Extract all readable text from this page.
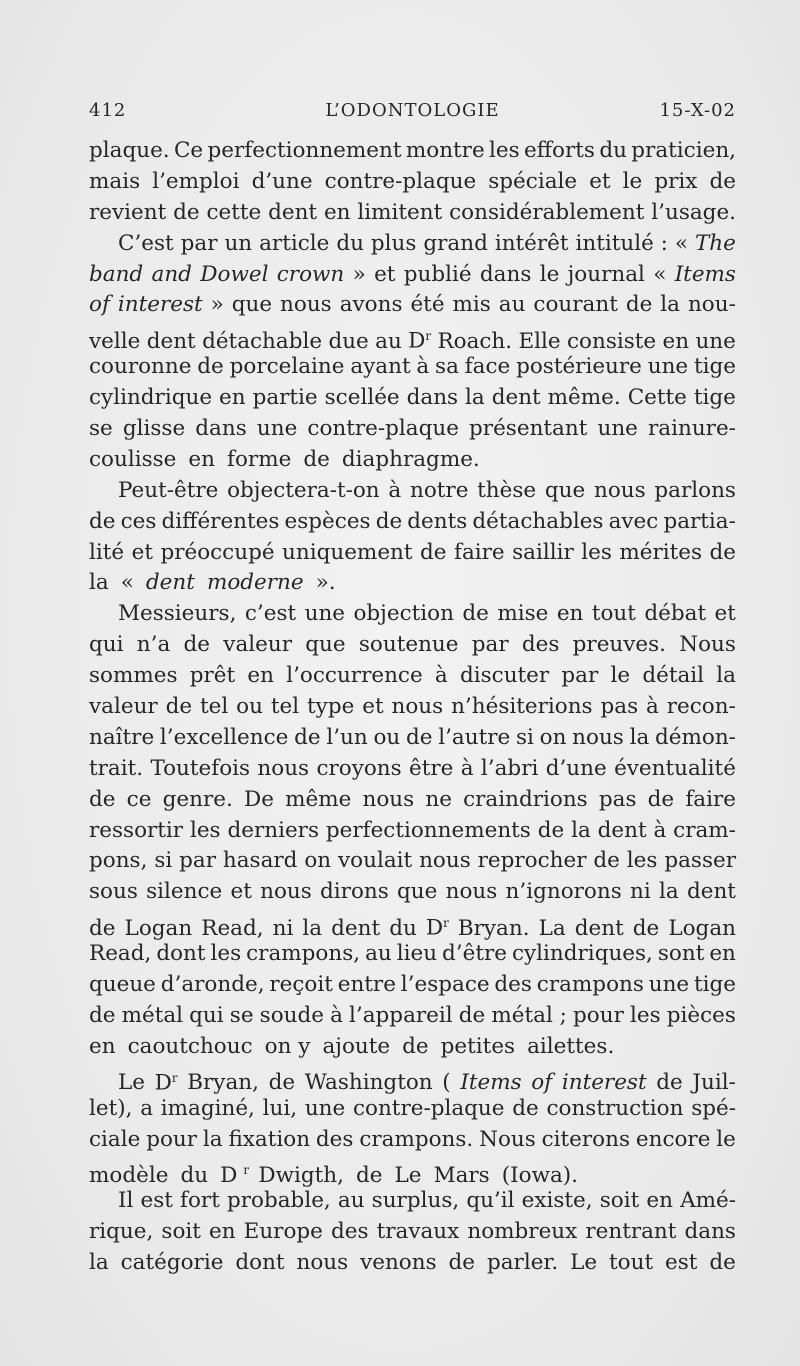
412	L’ODONTOLOGIE	15-X-02
plaque. Ce perfectionnement montre les efforts du praticien,
mais l’emploi d’une contre-plaque spéciale et le prix de
revient de cette dent en limitent considérablement l’usage.
C’est par un article du plus grand intérêt intitulé : « The
band and Dowel crown » et publié dans le journal « Items
of interest » que nous avons été mis au courant de la nou-
velle dent détachable due au $D^r$ Roach. Elle consiste en une
couronne de porcelaine ayant à sa face postérieure une tige
cylindrique en partie scellée dans la dent même. Cette tige
se glisse dans une contre-plaque présentant une rainure-
coulisse en forme de diaphragme.
Peut-être objectera-t-on à notre thèse que nous parlons
de ces différentes espèces de dents détachables avec partia-
lité et préoccupé uniquement de faire saillir les mérites de
la « dent moderne ».
Messieurs, c’est une objection de mise en tout débat et
qui n’a de valeur que soutenue par des preuves. Nous
sommes prêt en l’occurrence à discuter par le détail la
valeur de tel ou tel type et nous n’hésiterions pas à recon-
naître l’excellence de l’un ou de l’autre si on nous la démon-
trait. Toutefois nous croyons être à l’abri d’une éventualité
de ce genre. De même nous ne craindrions pas de faire
ressortir les derniers perfectionnements de la dent à cram-
pons, si par hasard on voulait nous reprocher de les passer
sous silence et nous dirons que nous n’ignorons ni la dent
de Logan Read, ni la dent du $D^r$ Bryan. La dent de Logan
Read, dont les crampons, au lieu d’être cylindriques, sont en
queue d’aronde, reçoit entre l’espace des crampons une tige
de métal qui se soude à l’appareil de métal ; pour les pièces
en caoutchouc on y ajoute de petites ailettes.
Le $D^r$ Bryan, de Washington ( Items of interest de Juil-
let), a imaginé, lui, une contre-plaque de construction spé-
ciale pour la fixation des crampons. Nous citerons encore le
modèle du D $^r$ Dwigth, de Le Mars (Iowa).
Il est fort probable, au surplus, qu’il existe, soit en Amé-
rique, soit en Europe des travaux nombreux rentrant dans
la catégorie dont nous venons de parler. Le tout est de
